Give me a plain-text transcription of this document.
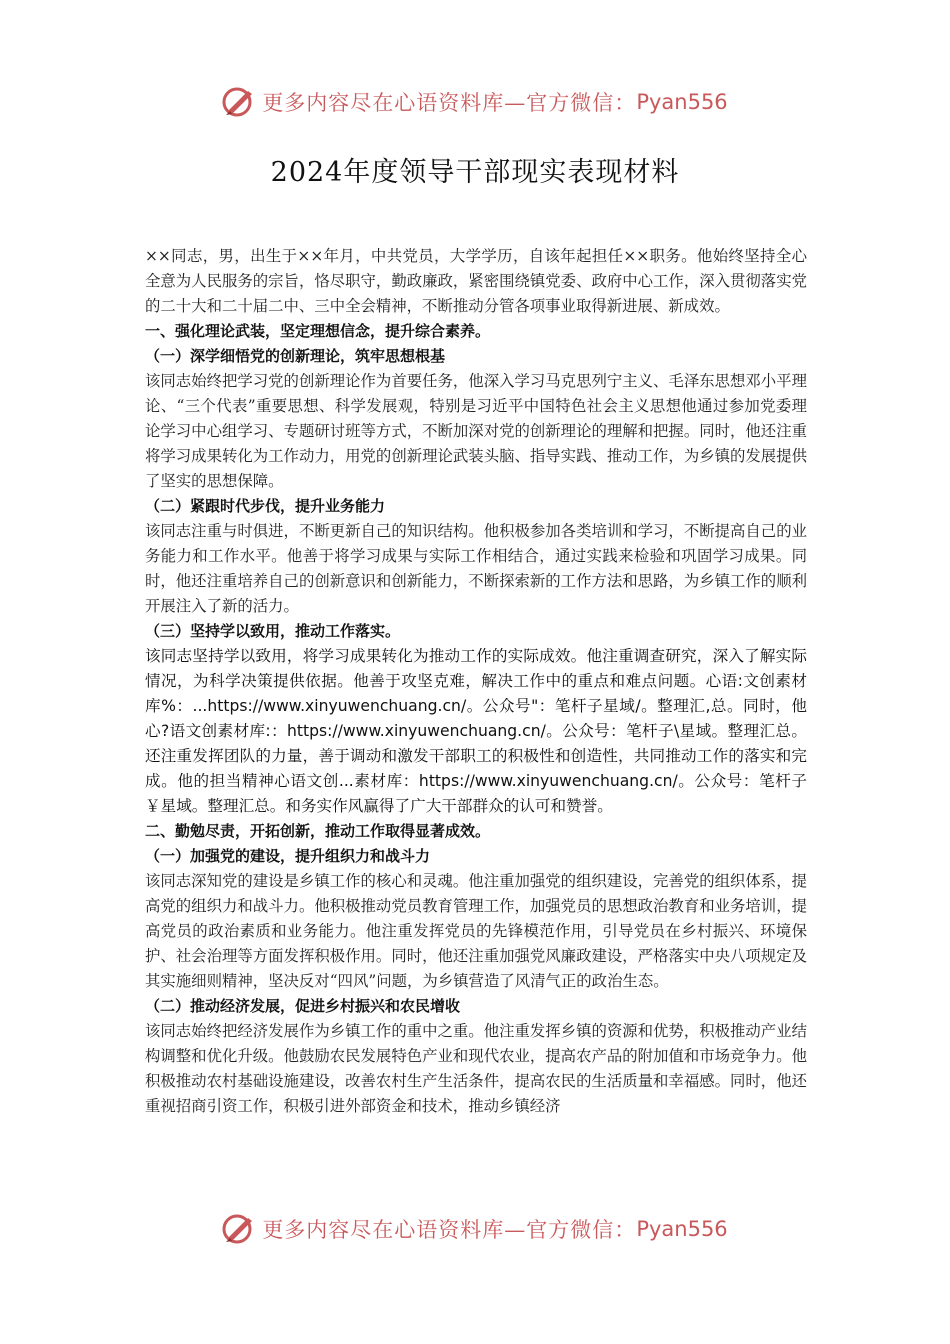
更多内容尽在心语资料库—官方微信： Pyan556
2024年度领导干部现实表现材料

××同志，男，出生于××年月，中共党员，大学学历，自该年起担任××职务。他始终坚持全心全意为人民服务的宗旨，恪尽职守，勤政廉政，紧密围绕镇党委、政府中心工作，深入贯彻落实党的二十大和二十届二中、三中全会精神，不断推动分管各项事业取得新进展、新成效。

一、强化理论武装，坚定理想信念，提升综合素养。

（一）深学细悟党的创新理论，筑牢思想根基

该同志始终把学习党的创新理论作为首要任务，他深入学习马克思列宁主义、毛泽东思想邓小平理论、“三个代表”重要思想、科学发展观，特别是习近平中国特色社会主义思想他通过参加党委理论学习中心组学习、专题研讨班等方式，不断加深对党的创新理论的理解和把握。同时，他还注重将学习成果转化为工作动力，用党的创新理论武装头脑、指导实践、推动工作，为乡镇的发展提供了坚实的思想保障。

（二）紧跟时代步伐，提升业务能力

该同志注重与时俱进，不断更新自己的知识结构。他积极参加各类培训和学习，不断提高自己的业务能力和工作水平。他善于将学习成果与实际工作相结合，通过实践来检验和巩固学习成果。同时，他还注重培养自己的创新意识和创新能力，不断探索新的工作方法和思路，为乡镇工作的顺利开展注入了新的活力。

（三）坚持学以致用，推动工作落实。

该同志坚持学以致用，将学习成果转化为推动工作的实际成效。他注重调查研究，深入了解实际情况，为科学决策提供依据。他善于攻坚克难，解决工作中的重点和难点问题。心语:文创素材库%：...https://www.xinyuwenchuang.cn/。公众号"：笔杆子星域/。整理汇,总。同时，他心?语文创素材库:：https://www.xinyuwenchuang.cn/。公众号：笔杆子\星域。整理汇总。还注重发挥团队的力量，善于调动和激发干部职工的积极性和创造性，共同推动工作的落实和完成。他的担当精神心语文创...素材库：https://www.xinyuwenchuang.cn/。公众号：笔杆子￥星域。整理汇总。和务实作风赢得了广大干部群众的认可和赞誉。

二、勤勉尽责，开拓创新，推动工作取得显著成效。

（一）加强党的建设，提升组织力和战斗力

该同志深知党的建设是乡镇工作的核心和灵魂。他注重加强党的组织建设，完善党的组织体系，提高党的组织力和战斗力。他积极推动党员教育管理工作，加强党员的思想政治教育和业务培训，提高党员的政治素质和业务能力。他注重发挥党员的先锋模范作用，引导党员在乡村振兴、环境保护、社会治理等方面发挥积极作用。同时，他还注重加强党风廉政建设，严格落实中央八项规定及其实施细则精神，坚决反对“四风”问题，为乡镇营造了风清气正的政治生态。

（二）推动经济发展，促进乡村振兴和农民增收

该同志始终把经济发展作为乡镇工作的重中之重。他注重发挥乡镇的资源和优势，积极推动产业结构调整和优化升级。他鼓励农民发展特色产业和现代农业，提高农产品的附加值和市场竞争力。他积极推动农村基础设施建设，改善农村生产生活条件，提高农民的生活质量和幸福感。同时，他还重视招商引资工作，积极引进外部资金和技术，推动乡镇经济

更多内容尽在心语资料库—官方微信： Pyan556
